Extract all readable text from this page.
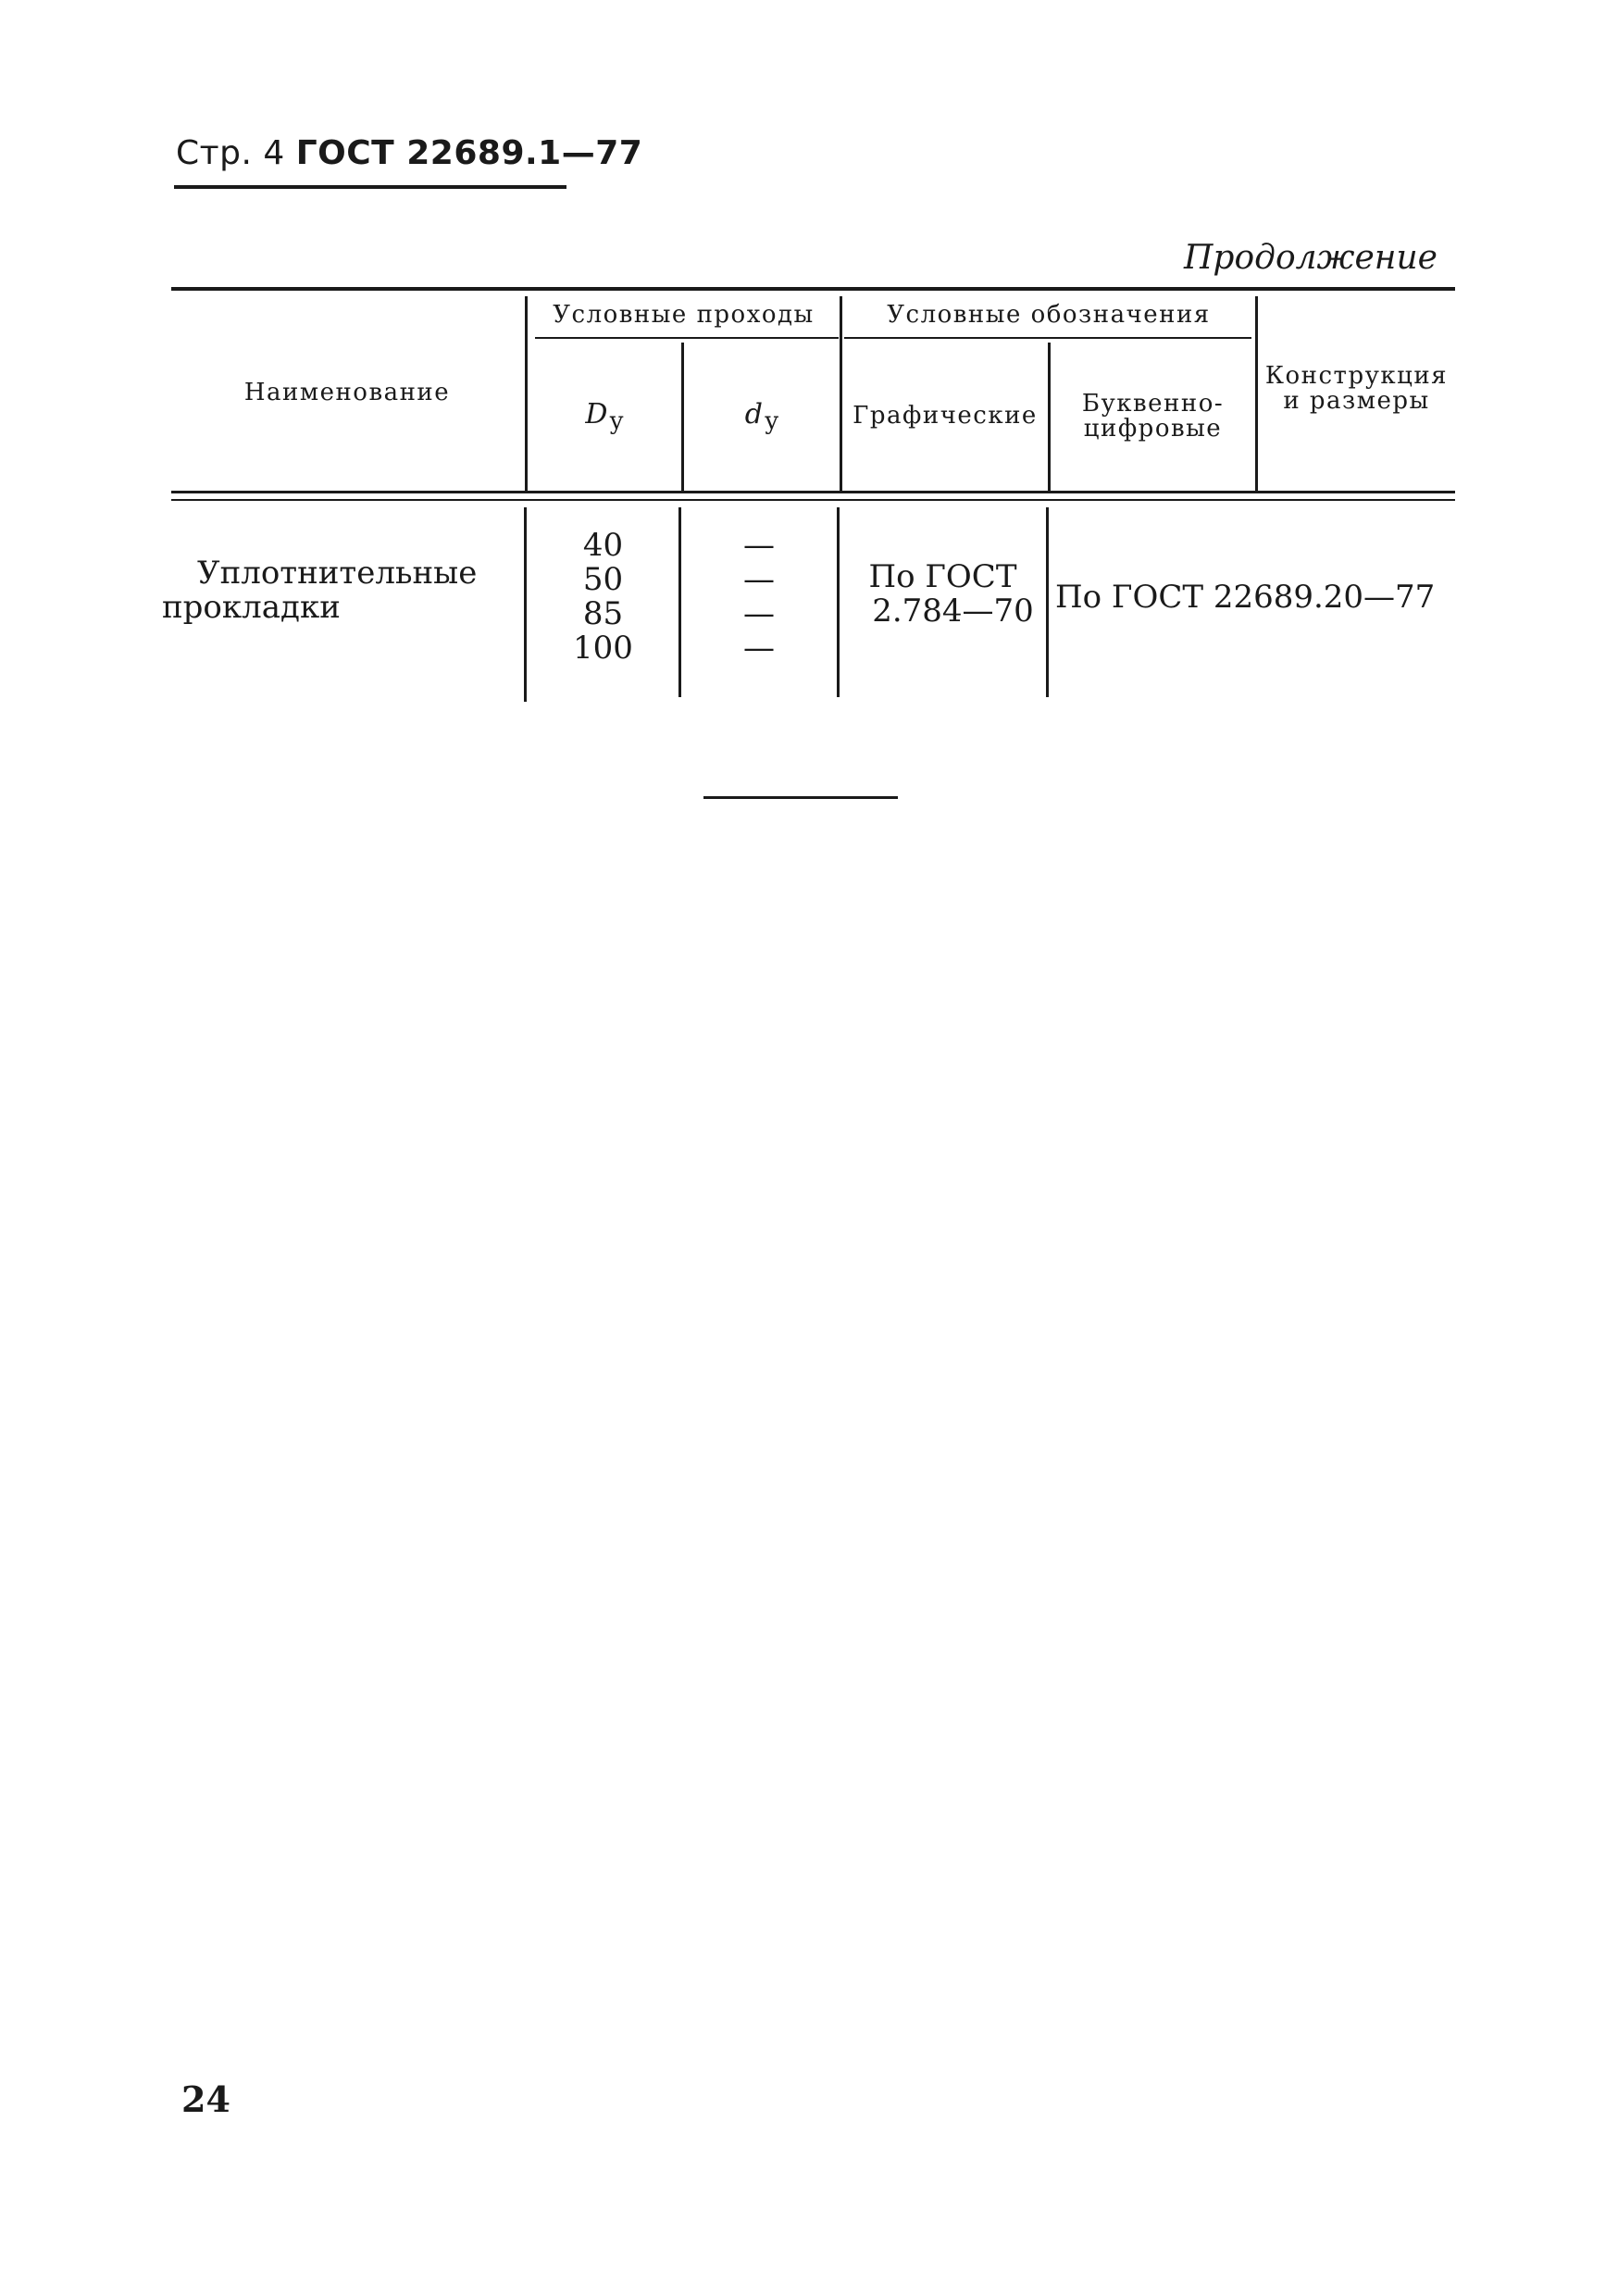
Стр. 4 ГОСТ 22689.1—77
Продолжение
Наименование
Условные проходы
$D_у$	$d_у$
Условные обозначения
Графические Буквенно-
цифровые
Конструкция
и размеры
Уплотнительные
прокладки
40
50
85
100
—
—
—
—
По ГОСТ
2.784—70 По ГОСТ 22689.20—77
24
